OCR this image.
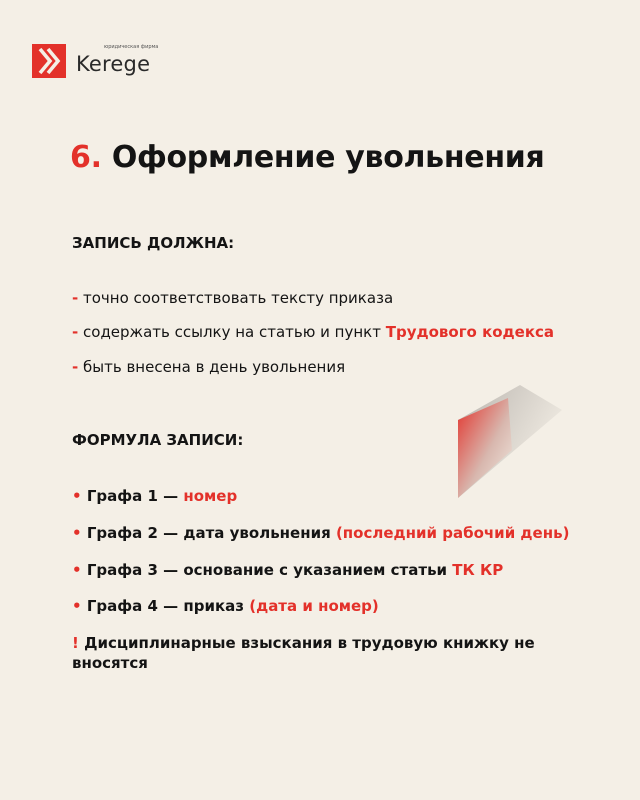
юридическая фирма
Kerege
6. Оформление увольнения

ЗАПИСЬ ДОЛЖНА:

- точно соответствовать тексту приказа
- содержать ссылку на статью и пункт Трудового кодекса
- быть внесена в день увольнения

ФОРМУЛА ЗАПИСИ:

• Графа 1 — номер
• Графа 2 — дата увольнения (последний рабочий день)
• Графа 3 — основание с указанием статьи ТК КР
• Графа 4 — приказ (дата и номер)
! Дисциплинарные взыскания в трудовую книжку не вносятся
